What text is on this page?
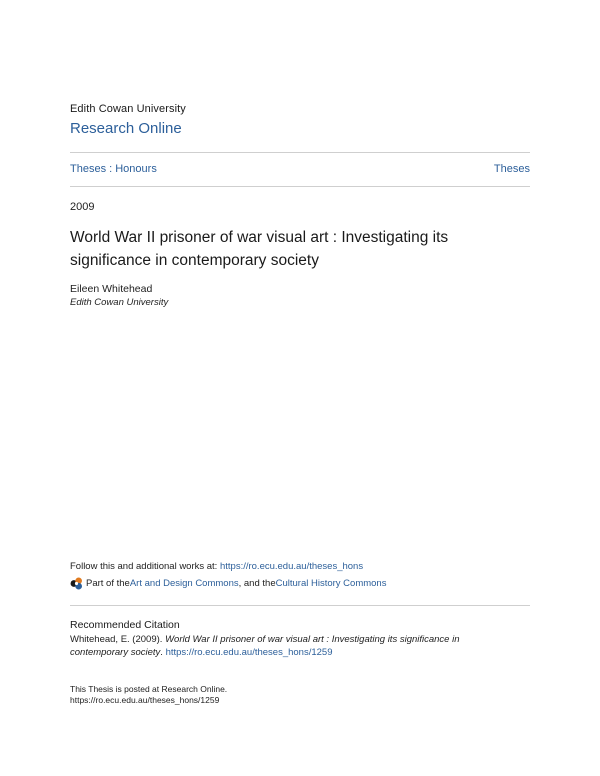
Edith Cowan University
Research Online
Theses : Honours	Theses
2009
World War II prisoner of war visual art : Investigating its significance in contemporary society
Eileen Whitehead
Edith Cowan University
Follow this and additional works at: https://ro.ecu.edu.au/theses_hons
Part of the Art and Design Commons , and the Cultural History Commons
Recommended Citation
Whitehead, E. (2009). World War II prisoner of war visual art : Investigating its significance in contemporary society. https://ro.ecu.edu.au/theses_hons/1259
This Thesis is posted at Research Online.
https://ro.ecu.edu.au/theses_hons/1259
